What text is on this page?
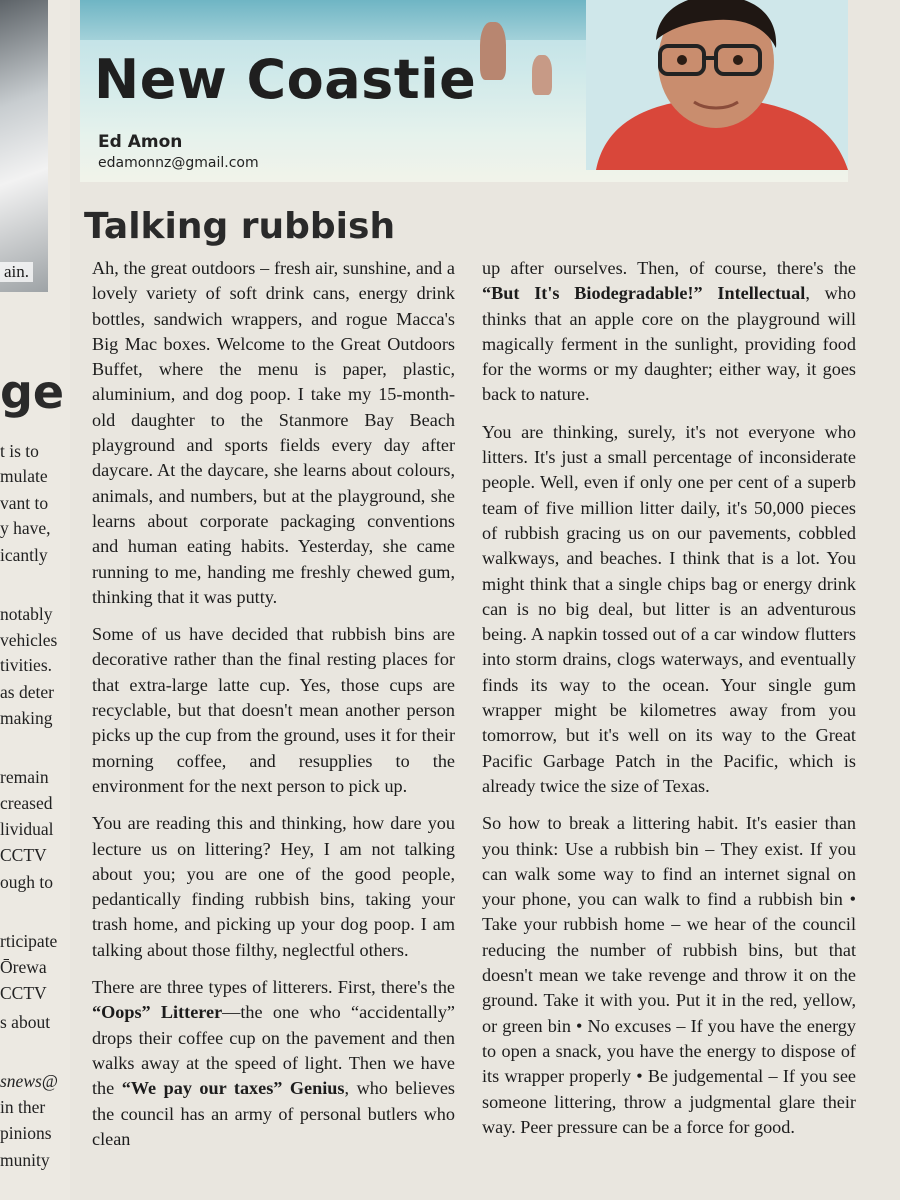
ain.
ge
t is to
mulate
vant to
y have,
icantly
notably
vehicles
tivities.
as deter
making
remain
creased
lividual
CCTV
ough to
rticipate
Ōrewa
CCTV
s about
snews@
in ther
pinions
munity
New Coastie
Ed Amon
edamonnz@gmail.com
Talking rubbish

Ah, the great outdoors – fresh air, sunshine, and a lovely variety of soft drink cans, energy drink bottles, sandwich wrappers, and rogue Macca's Big Mac boxes. Welcome to the Great Outdoors Buffet, where the menu is paper, plastic, aluminium, and dog poop. I take my 15-month-old daughter to the Stanmore Bay Beach playground and sports fields every day after daycare. At the daycare, she learns about colours, animals, and numbers, but at the playground, she learns about corporate packaging conventions and human eating habits. Yesterday, she came running to me, handing me freshly chewed gum, thinking that it was putty.

Some of us have decided that rubbish bins are decorative rather than the final resting places for that extra-large latte cup. Yes, those cups are recyclable, but that doesn't mean another person picks up the cup from the ground, uses it for their morning coffee, and resupplies to the environment for the next person to pick up.

You are reading this and thinking, how dare you lecture us on littering? Hey, I am not talking about you; you are one of the good people, pedantically finding rubbish bins, taking your trash home, and picking up your dog poop. I am talking about those filthy, neglectful others.

There are three types of litterers. First, there's the “Oops” Litterer—the one who “accidentally” drops their coffee cup on the pavement and then walks away at the speed of light. Then we have the “We pay our taxes” Genius, who believes the council has an army of personal butlers who clean

up after ourselves. Then, of course, there's the “But It's Biodegradable!” Intellectual, who thinks that an apple core on the playground will magically ferment in the sunlight, providing food for the worms or my daughter; either way, it goes back to nature.

You are thinking, surely, it's not everyone who litters. It's just a small percentage of inconsiderate people. Well, even if only one per cent of a superb team of five million litter daily, it's 50,000 pieces of rubbish gracing us on our pavements, cobbled walkways, and beaches. I think that is a lot. You might think that a single chips bag or energy drink can is no big deal, but litter is an adventurous being. A napkin tossed out of a car window flutters into storm drains, clogs waterways, and eventually finds its way to the ocean. Your single gum wrapper might be kilometres away from you tomorrow, but it's well on its way to the Great Pacific Garbage Patch in the Pacific, which is already twice the size of Texas.

So how to break a littering habit. It's easier than you think: Use a rubbish bin – They exist. If you can walk some way to find an internet signal on your phone, you can walk to find a rubbish bin • Take your rubbish home – we hear of the council reducing the number of rubbish bins, but that doesn't mean we take revenge and throw it on the ground. Take it with you. Put it in the red, yellow, or green bin • No excuses – If you have the energy to open a snack, you have the energy to dispose of its wrapper properly • Be judgemental – If you see someone littering, throw a judgmental glare their way. Peer pressure can be a force for good.
